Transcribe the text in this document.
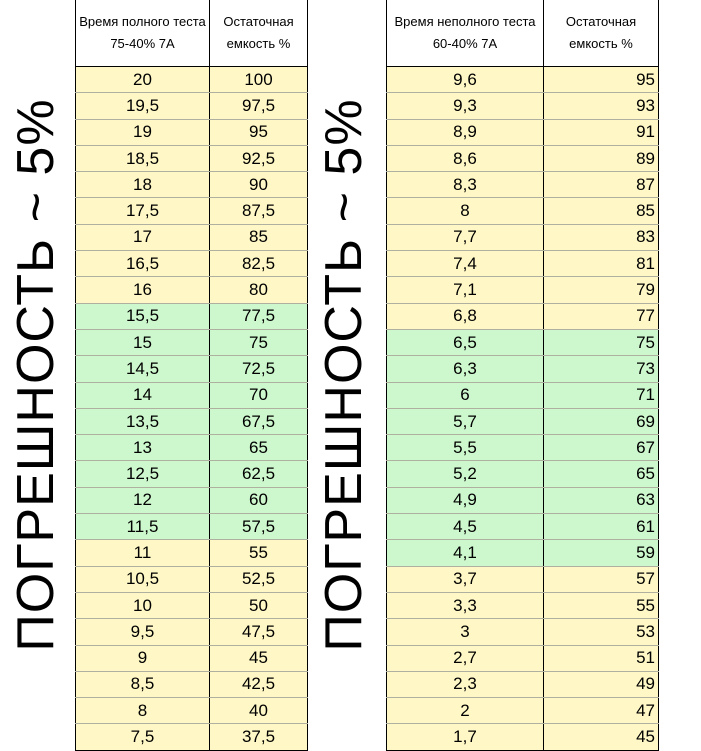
ПОГРЕШНОСТЬ ~ 5%
Время полного теста 75-40% 7А	Остаточная емкость %
20	100
19,5	97,5
19	95
18,5	92,5
18	90
17,5	87,5
17	85
16,5	82,5
16	80
15,5	77,5
15	75
14,5	72,5
14	70
13,5	67,5
13	65
12,5	62,5
12	60
11,5	57,5
11	55
10,5	52,5
10	50
9,5	47,5
9	45
8,5	42,5
8	40
7,5	37,5
ПОГРЕШНОСТЬ ~ 5%
Время неполного теста 60-40% 7А	Остаточная емкость %
9,6	95
9,3	93
8,9	91
8,6	89
8,3	87
8	85
7,7	83
7,4	81
7,1	79
6,8	77
6,5	75
6,3	73
6	71
5,7	69
5,5	67
5,2	65
4,9	63
4,5	61
4,1	59
3,7	57
3,3	55
3	53
2,7	51
2,3	49
2	47
1,7	45
